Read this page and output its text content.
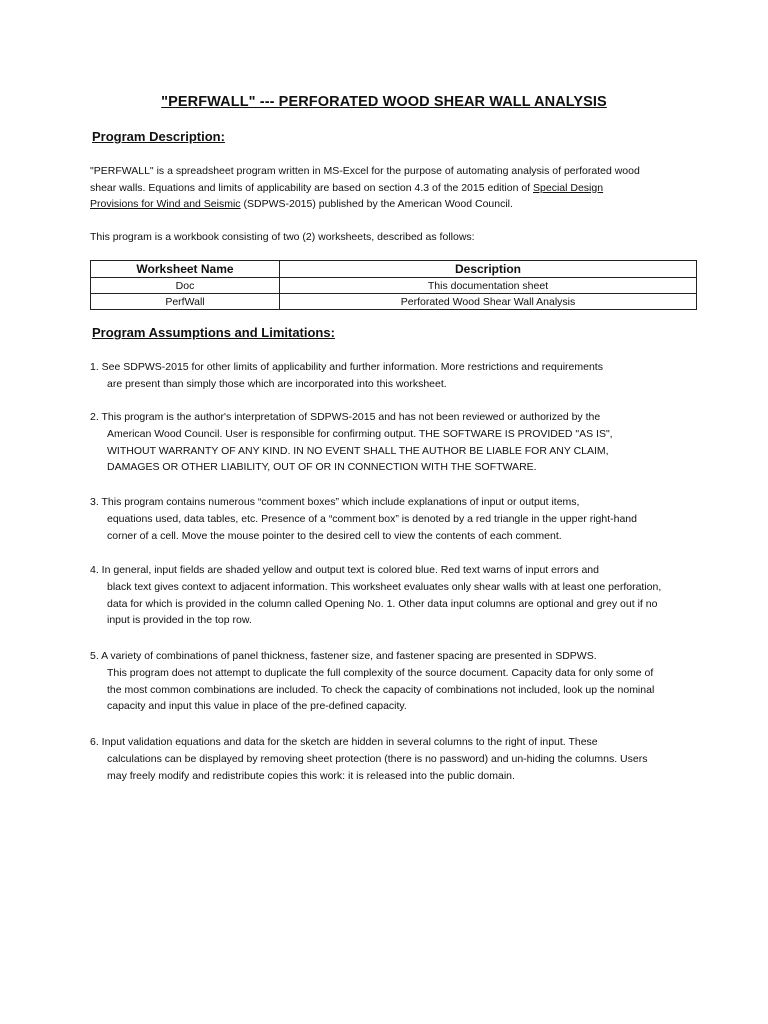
"PERFWALL" --- PERFORATED WOOD SHEAR WALL ANALYSIS
Program Description:
"PERFWALL" is a spreadsheet program written in MS-Excel for the purpose of automating analysis of perforated wood shear walls. Equations and limits of applicability are based on section 4.3 of the 2015 edition of Special Design Provisions for Wind and Seismic (SDPWS-2015) published by the American Wood Council.
This program is a workbook consisting of two (2) worksheets, described as follows:
Worksheet Name	Description
Doc	This documentation sheet
PerfWall	Perforated Wood Shear Wall Analysis
Program Assumptions and Limitations:
1. See SDPWS-2015 for other limits of applicability and further information. More restrictions and requirements
are present than simply those which are incorporated into this worksheet.
2. This program is the author's interpretation of SDPWS-2015 and has not been reviewed or authorized by the
American Wood Council. User is responsible for confirming output. THE SOFTWARE IS PROVIDED "AS IS", WITHOUT WARRANTY OF ANY KIND. IN NO EVENT SHALL THE AUTHOR BE LIABLE FOR ANY CLAIM, DAMAGES OR OTHER LIABILITY, OUT OF OR IN CONNECTION WITH THE SOFTWARE.
3. This program contains numerous “comment boxes” which include explanations of input or output items,
equations used, data tables, etc. Presence of a “comment box” is denoted by a red triangle in the upper right-hand corner of a cell. Move the mouse pointer to the desired cell to view the contents of each comment.
4. In general, input fields are shaded yellow and output text is colored blue. Red text warns of input errors and
black text gives context to adjacent information. This worksheet evaluates only shear walls with at least one perforation, data for which is provided in the column called Opening No. 1. Other data input columns are optional and grey out if no input is provided in the top row.
5. A variety of combinations of panel thickness, fastener size, and fastener spacing are presented in SDPWS.
This program does not attempt to duplicate the full complexity of the source document. Capacity data for only some of the most common combinations are included. To check the capacity of combinations not included, look up the nominal capacity and input this value in place of the pre-defined capacity.
6. Input validation equations and data for the sketch are hidden in several columns to the right of input. These
calculations can be displayed by removing sheet protection (there is no password) and un-hiding the columns. Users may freely modify and redistribute copies this work: it is released into the public domain.
